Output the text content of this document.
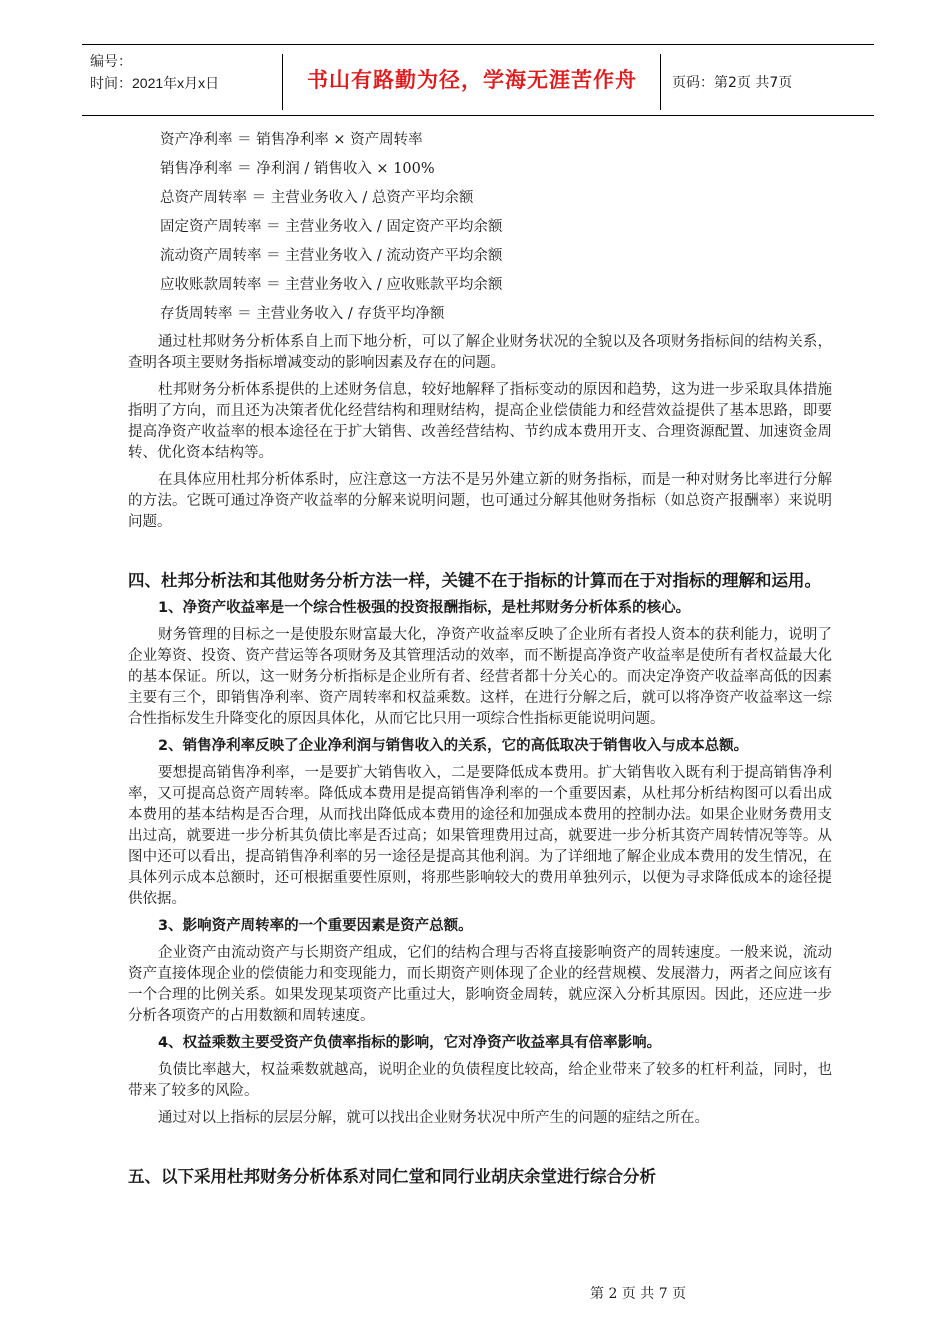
编号：
时间：2021年x月x日	书山有路勤为径，学海无涯苦作舟	页码：第2页 共7页
资产净利率 ＝ 销售净利率 × 资产周转率
销售净利率 ＝ 净利润 / 销售收入 × 100%
总资产周转率 ＝ 主营业务收入 / 总资产平均余额
固定资产周转率 ＝ 主营业务收入 / 固定资产平均余额
流动资产周转率 ＝ 主营业务收入 / 流动资产平均余额
应收账款周转率 ＝ 主营业务收入 / 应收账款平均余额
存货周转率 ＝ 主营业务收入 / 存货平均净额

通过杜邦财务分析体系自上而下地分析，可以了解企业财务状况的全貌以及各项财务指标间的结构关系，查明各项主要财务指标增减变动的影响因素及存在的问题。

杜邦财务分析体系提供的上述财务信息，较好地解释了指标变动的原因和趋势，这为进一步采取具体措施指明了方向，而且还为决策者优化经营结构和理财结构，提高企业偿债能力和经营效益提供了基本思路，即要提高净资产收益率的根本途径在于扩大销售、改善经营结构、节约成本费用开支、合理资源配置、加速资金周转、优化资本结构等。

在具体应用杜邦分析体系时，应注意这一方法不是另外建立新的财务指标，而是一种对财务比率进行分解的方法。它既可通过净资产收益率的分解来说明问题，也可通过分解其他财务指标（如总资产报酬率）来说明问题。

四、杜邦分析法和其他财务分析方法一样，关键不在于指标的计算而在于对指标的理解和运用。
1、净资产收益率是一个综合性极强的投资报酬指标，是杜邦财务分析体系的核心。

财务管理的目标之一是使股东财富最大化，净资产收益率反映了企业所有者投人资本的获利能力，说明了企业筹资、投资、资产营运等各项财务及其管理活动的效率，而不断提高净资产收益率是使所有者权益最大化的基本保证。所以，这一财务分析指标是企业所有者、经营者都十分关心的。而决定净资产收益率高低的因素主要有三个，即销售净利率、资产周转率和权益乘数。这样，在进行分解之后，就可以将净资产收益率这一综合性指标发生升降变化的原因具体化，从而它比只用一项综合性指标更能说明问题。

2、销售净利率反映了企业净利润与销售收入的关系，它的高低取决于销售收入与成本总额。

要想提高销售净利率，一是要扩大销售收入，二是要降低成本费用。扩大销售收入既有利于提高销售净利率，又可提高总资产周转率。降低成本费用是提高销售净利率的一个重要因素，从杜邦分析结构图可以看出成本费用的基本结构是否合理，从而找出降低成本费用的途径和加强成本费用的控制办法。如果企业财务费用支出过高，就要进一步分析其负债比率是否过高；如果管理费用过高，就要进一步分析其资产周转情况等等。从图中还可以看出，提高销售净利率的另一途径是提高其他利润。为了详细地了解企业成本费用的发生情况，在具体列示成本总额时，还可根据重要性原则，将那些影响较大的费用单独列示，以便为寻求降低成本的途径提供依据。

3、影响资产周转率的一个重要因素是资产总额。

企业资产由流动资产与长期资产组成，它们的结构合理与否将直接影响资产的周转速度。一般来说，流动资产直接体现企业的偿债能力和变现能力，而长期资产则体现了企业的经营规模、发展潜力，两者之间应该有一个合理的比例关系。如果发现某项资产比重过大，影响资金周转，就应深入分析其原因。因此，还应进一步分析各项资产的占用数额和周转速度。

4、权益乘数主要受资产负债率指标的影响，它对净资产收益率具有倍率影响。

负债比率越大，权益乘数就越高，说明企业的负债程度比较高，给企业带来了较多的杠杆利益，同时，也带来了较多的风险。

通过对以上指标的层层分解，就可以找出企业财务状况中所产生的问题的症结之所在。

五、以下采用杜邦财务分析体系对同仁堂和同行业胡庆余堂进行综合分析
第 2 页 共 7 页
